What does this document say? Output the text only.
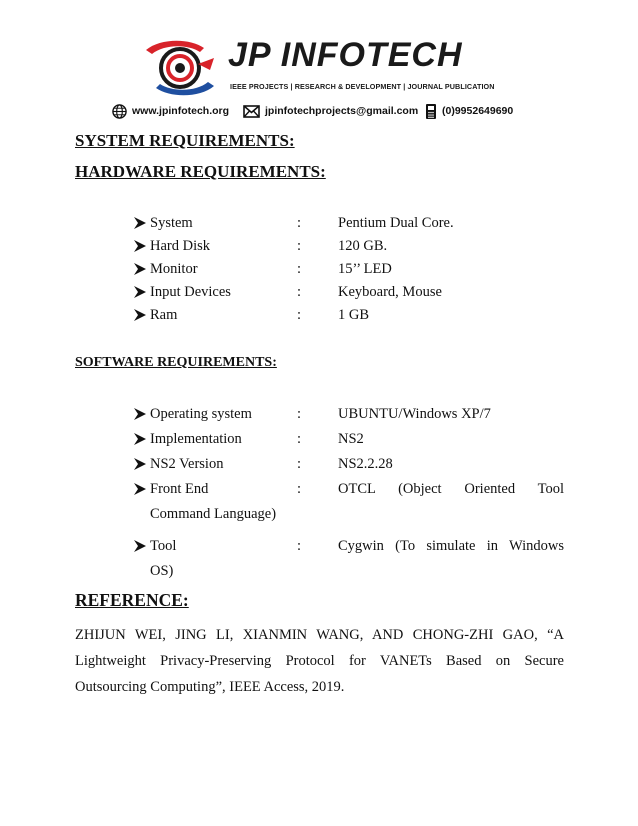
JP INFOTECH
IEEE PROJECTS | RESEARCH & DEVELOPMENT | JOURNAL PUBLICATION
www.jpinfotech.org	jpinfotechprojects@gmail.com (0)9952649690
SYSTEM REQUIREMENTS:
HARDWARE REQUIREMENTS:
System	:	Pentium Dual Core.
Hard Disk	:	120 GB.
Monitor	:	15’’ LED
Input Devices	:	Keyboard, Mouse
Ram	:	1 GB
SOFTWARE REQUIREMENTS:
Operating system	:	UBUNTU/Windows XP/7
Implementation	:	NS2
NS2 Version	:	NS2.2.28
Front End	:	OTCL (Object Oriented Tool
Command Language)
Tool	:	Cygwin (To simulate in Windows
OS)
REFERENCE:
ZHIJUN WEI, JING LI, XIANMIN WANG, AND CHONG-ZHI GAO, “A Lightweight Privacy-Preserving Protocol for VANETs Based on Secure Outsourcing Computing”, IEEE Access, 2019.
